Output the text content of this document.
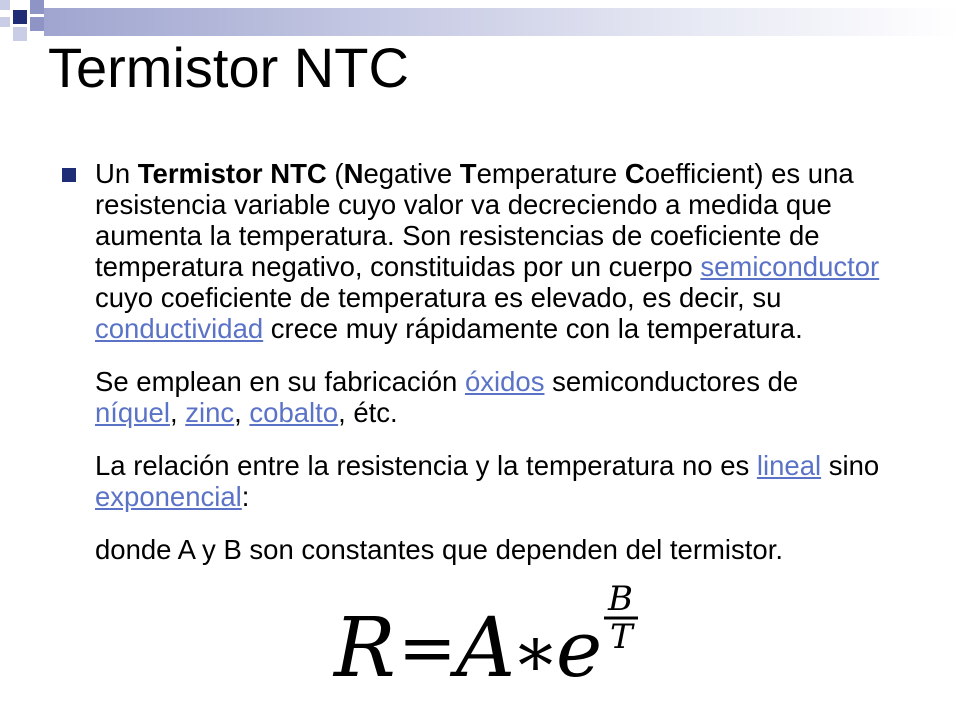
Termistor NTC

Un Termistor NTC (Negative Temperature Coefficient) es una resistencia variable cuyo valor va decreciendo a medida que aumenta la temperatura. Son resistencias de coeficiente de temperatura negativo, constituidas por un cuerpo semiconductor cuyo coeficiente de temperatura es elevado, es decir, su conductividad crece muy rápidamente con la temperatura.

Se emplean en su fabricación óxidos semiconductores de níquel, zinc, cobalto, étc.

La relación entre la resistencia y la temperatura no es lineal sino exponencial:

donde A y B son constantes que dependen del termistor.

R = A * e
B
T
